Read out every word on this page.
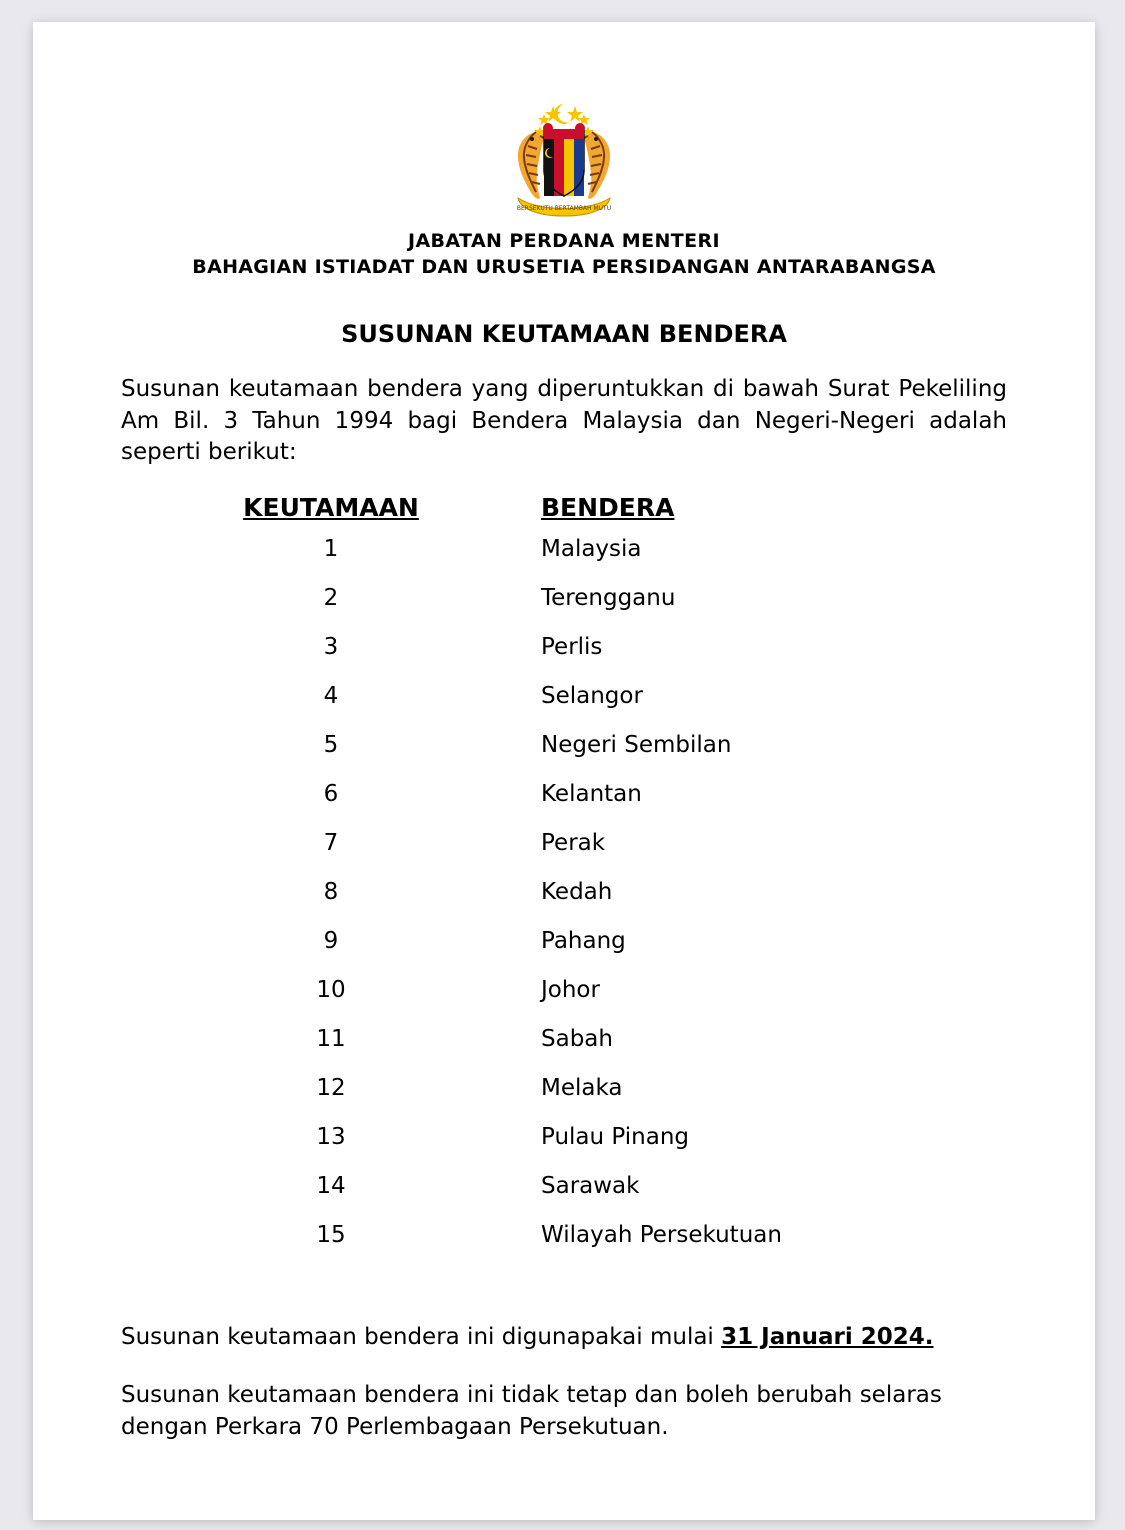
BERSEKUTU BERTAMBAH MUTU
JABATAN PERDANA MENTERI
BAHAGIAN ISTIADAT DAN URUSETIA PERSIDANGAN ANTARABANGSA
SUSUNAN KEUTAMAAN BENDERA
Susunan keutamaan bendera yang diperuntukkan di bawah Surat Pekeliling Am Bil. 3 Tahun 1994 bagi Bendera Malaysia dan Negeri-Negeri adalah seperti berikut:
KEUTAMAAN	BENDERA
1	Malaysia
2	Terengganu
3	Perlis
4	Selangor
5	Negeri Sembilan
6	Kelantan
7	Perak
8	Kedah
9	Pahang
10	Johor
11	Sabah
12	Melaka
13	Pulau Pinang
14	Sarawak
15	Wilayah Persekutuan
Susunan keutamaan bendera ini digunapakai mulai 31 Januari 2024.
Susunan keutamaan bendera ini tidak tetap dan boleh berubah selaras dengan Perkara 70 Perlembagaan Persekutuan.
